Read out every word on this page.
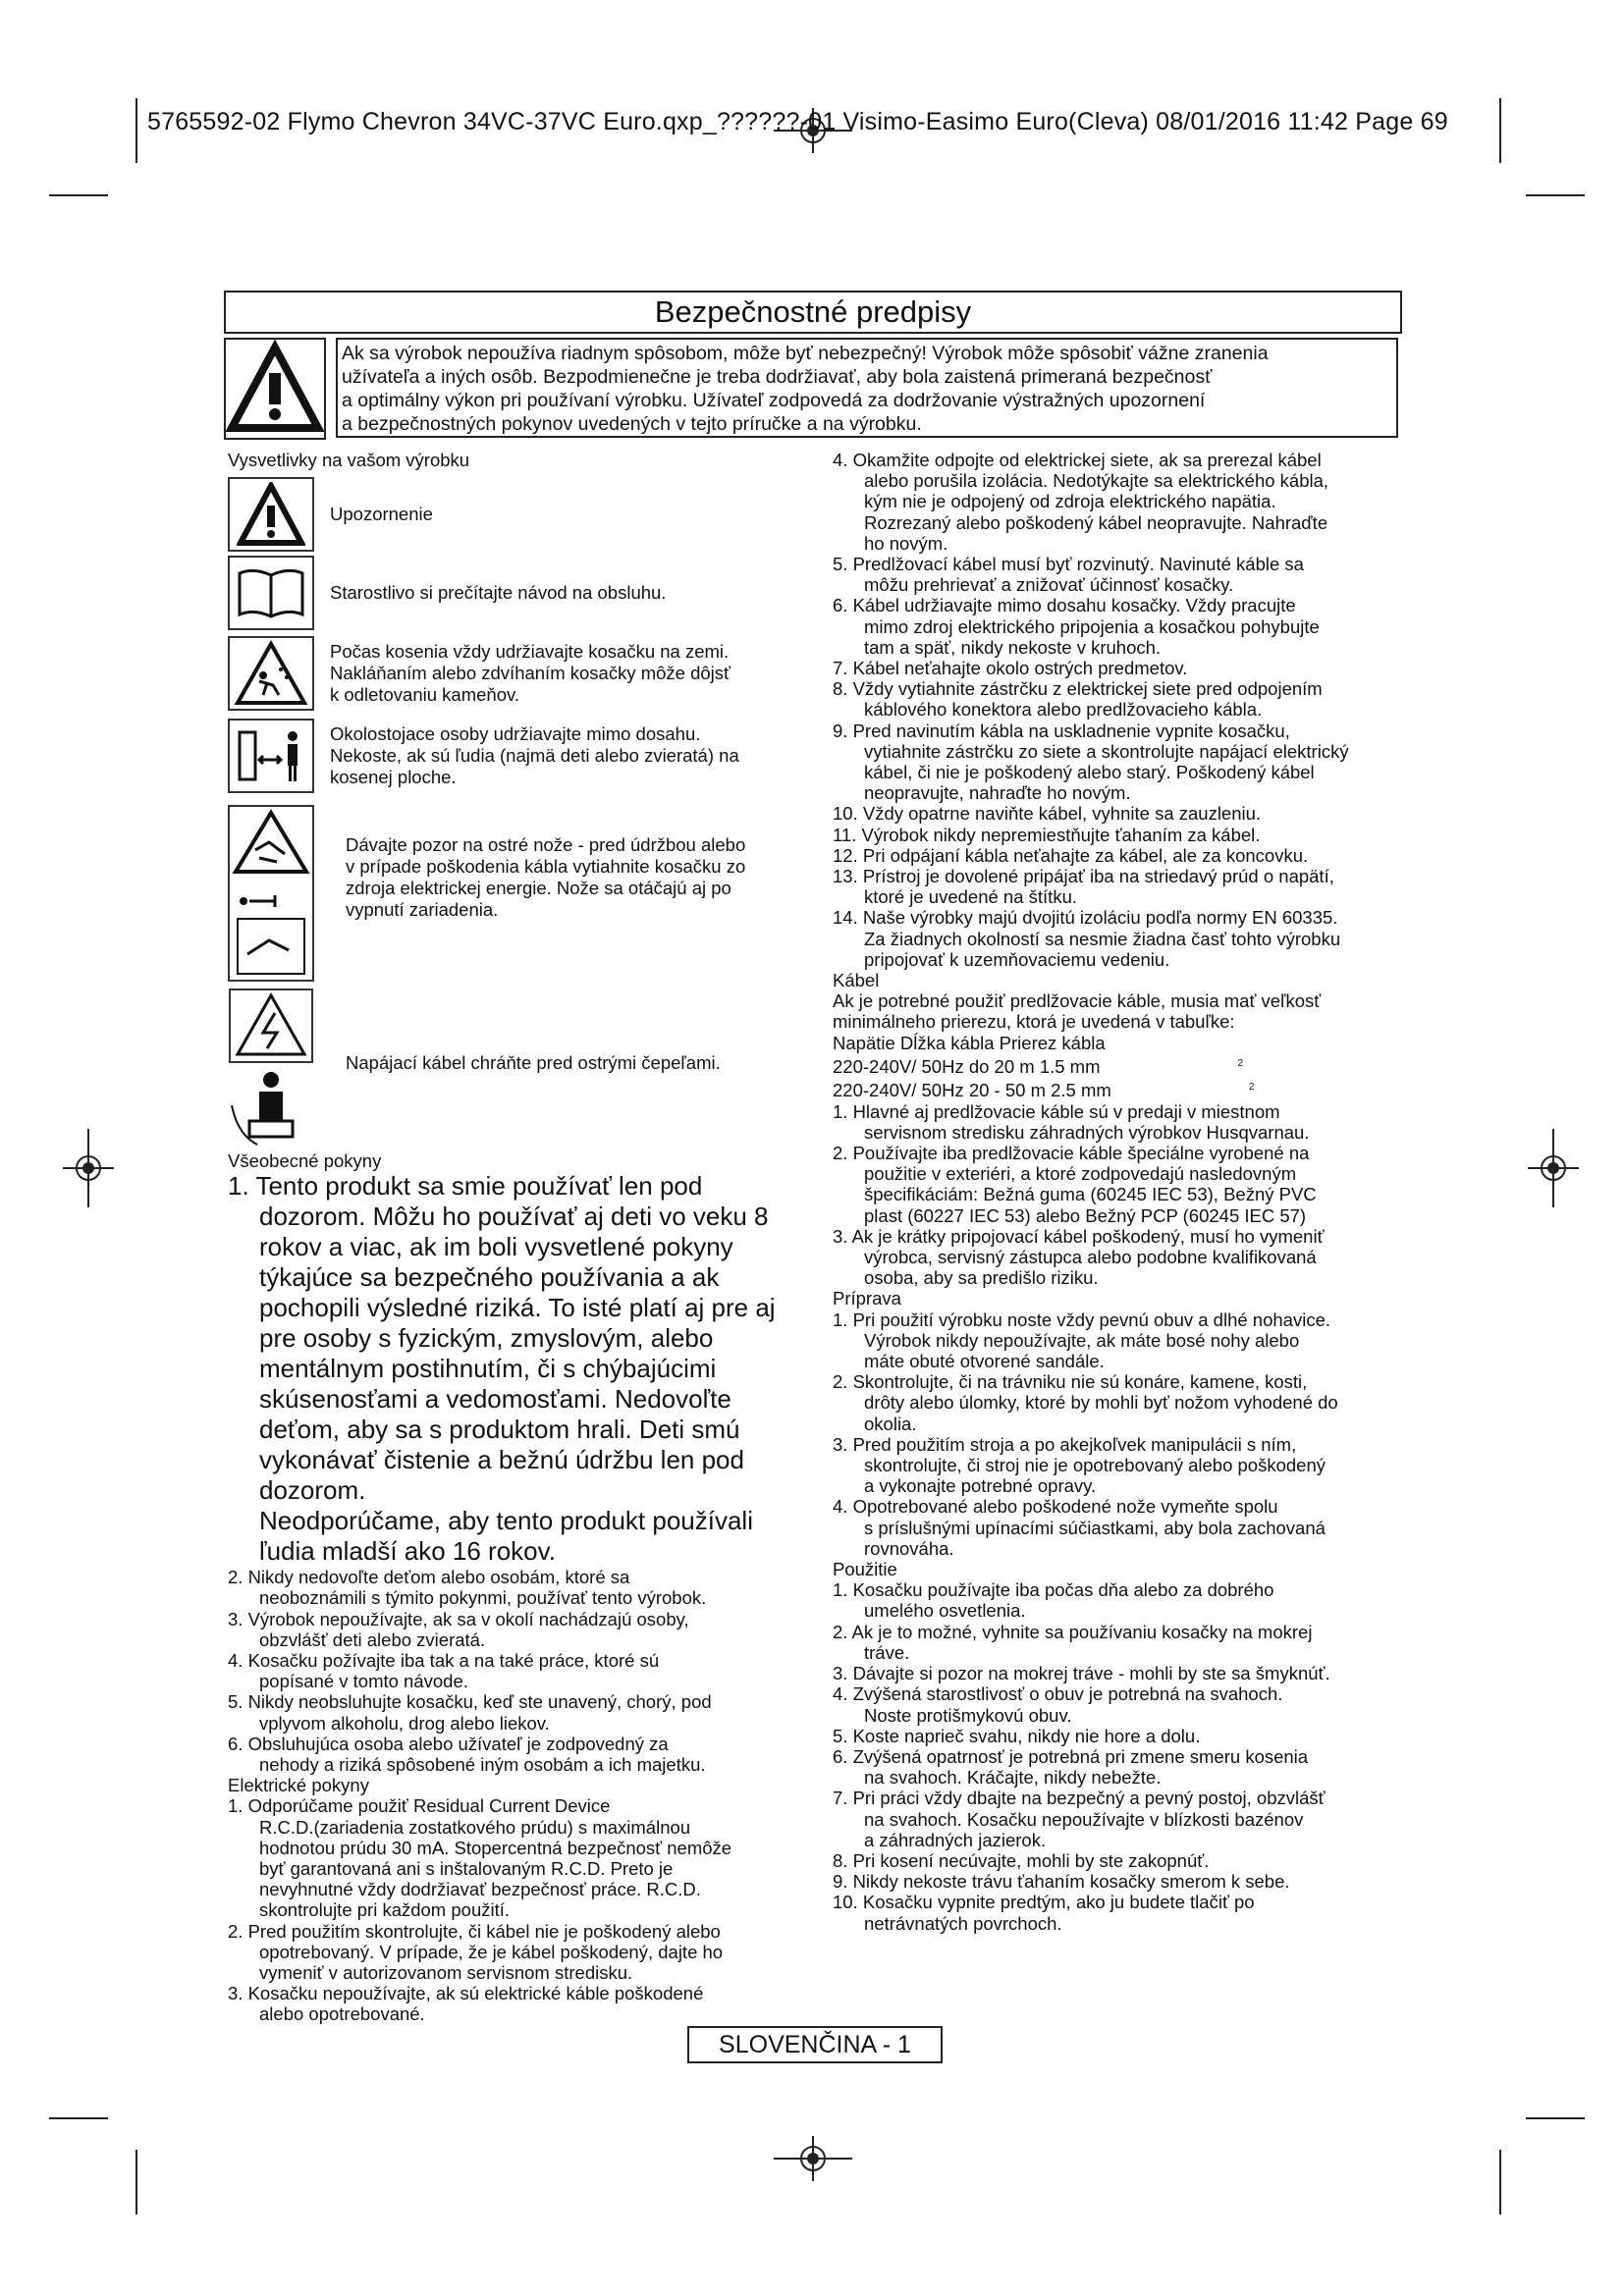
5765592-02 Flymo Chevron 34VC-37VC Euro.qxp_??????-01 Visimo-Easimo Euro(Cleva) 08/01/2016 11:42 Page 69
Bezpečnostné predpisy
Ak sa výrobok nepoužíva riadnym spôsobom, môže byť nebezpečný! Výrobok môže spôsobiť vážne zranenia
užívateľa a iných osôb. Bezpodmienečne je treba dodržiavať, aby bola zaistená primeraná bezpečnosť
a optimálny výkon pri používaní výrobku. Užívateľ zodpovedá za dodržovanie výstražných upozornení
a bezpečnostných pokynov uvedených v tejto príručke a na výrobku.
Vysvetlivky na vašom výrobku
Upozornenie
Starostlivo si prečítajte návod na obsluhu.
Počas kosenia vždy udržiavajte kosačku na zemi.
Nakláňaním alebo zdvíhaním kosačky môže dôjsť
k odletovaniu kameňov.
Okolostojace osoby udržiavajte mimo dosahu.
Nekoste, ak sú ľudia (najmä deti alebo zvieratá) na
kosenej ploche.
Dávajte pozor na ostré nože - pred údržbou alebo
v prípade poškodenia kábla vytiahnite kosačku zo
zdroja elektrickej energie. Nože sa otáčajú aj po
vypnutí zariadenia.
Napájací kábel chráňte pred ostrými čepeľami.
Všeobecné pokyny
1. Tento produkt sa smie používať len pod
dozorom. Môžu ho používať aj deti vo veku 8
rokov a viac, ak im boli vysvetlené pokyny
týkajúce sa bezpečného používania a ak
pochopili výsledné riziká. To isté platí aj pre aj
pre osoby s fyzickým, zmyslovým, alebo
mentálnym postihnutím, či s chýbajúcimi
skúsenosťami a vedomosťami. Nedovoľte
deťom, aby sa s produktom hrali. Deti smú
vykonávať čistenie a bežnú údržbu len pod
dozorom.
Neodporúčame, aby tento produkt používali
ľudia mladší ako 16 rokov.
2. Nikdy nedovoľte deťom alebo osobám, ktoré sa
neoboznámili s týmito pokynmi, používať tento výrobok.
3. Výrobok nepoužívajte, ak sa v okolí nachádzajú osoby,
obzvlášť deti alebo zvieratá.
4. Kosačku požívajte iba tak a na také práce, ktoré sú
popísané v tomto návode.
5. Nikdy neobsluhujte kosačku, keď ste unavený, chorý, pod
vplyvom alkoholu, drog alebo liekov.
6. Obsluhujúca osoba alebo užívateľ je zodpovedný za
nehody a riziká spôsobené iným osobám a ich majetku.
Elektrické pokyny
1. Odporúčame použiť Residual Current Device
R.C.D.(zariadenia zostatkového prúdu) s maximálnou
hodnotou prúdu 30 mA. Stopercentná bezpečnosť nemôže
byť garantovaná ani s inštalovaným R.C.D. Preto je
nevyhnutné vždy dodržiavať bezpečnosť práce. R.C.D.
skontrolujte pri každom použití.
2. Pred použitím skontrolujte, či kábel nie je poškodený alebo
opotrebovaný. V prípade, že je kábel poškodený, dajte ho
vymeniť v autorizovanom servisnom stredisku.
3. Kosačku nepoužívajte, ak sú elektrické káble poškodené
alebo opotrebované.
4. Okamžite odpojte od elektrickej siete, ak sa prerezal kábel
alebo porušila izolácia. Nedotýkajte sa elektrického kábla,
kým nie je odpojený od zdroja elektrického napätia.
Rozrezaný alebo poškodený kábel neopravujte. Nahraďte
ho novým.
5. Predlžovací kábel musí byť rozvinutý. Navinuté káble sa
môžu prehrievať a znižovať účinnosť kosačky.
6. Kábel udržiavajte mimo dosahu kosačky. Vždy pracujte
mimo zdroj elektrického pripojenia a kosačkou pohybujte
tam a späť, nikdy nekoste v kruhoch.
7. Kábel neťahajte okolo ostrých predmetov.
8. Vždy vytiahnite zástrčku z elektrickej siete pred odpojením
káblového konektora alebo predlžovacieho kábla.
9. Pred navinutím kábla na uskladnenie vypnite kosačku,
vytiahnite zástrčku zo siete a skontrolujte napájací elektrický
kábel, či nie je poškodený alebo starý. Poškodený kábel
neopravujte, nahraďte ho novým.
10. Vždy opatrne naviňte kábel, vyhnite sa zauzleniu.
11. Výrobok nikdy nepremiestňujte ťahaním za kábel.
12. Pri odpájaní kábla neťahajte za kábel, ale za koncovku.
13. Prístroj je dovolené pripájať iba na striedavý prúd o napätí,
ktoré je uvedené na štítku.
14. Naše výrobky majú dvojitú izoláciu podľa normy EN 60335.
Za žiadnych okolností sa nesmie žiadna časť tohto výrobku
pripojovať k uzemňovaciemu vedeniu.
Kábel
Ak je potrebné použiť predlžovacie káble, musia mať veľkosť
minimálneho prierezu, ktorá je uvedená v tabuľke:
Napätie Dĺžka kábla Prierez kábla
220-240V/ 50Hz do 20 m 1.5 mm	$^2$
220-240V/ 50Hz 20 - 50 m 2.5 mm	$^2$
1. Hlavné aj predlžovacie káble sú v predaji v miestnom
servisnom stredisku záhradných výrobkov Husqvarnau.
2. Používajte iba predlžovacie káble špeciálne vyrobené na
použitie v exteriéri, a ktoré zodpovedajú nasledovným
špecifikáciám: Bežná guma (60245 IEC 53), Bežný PVC
plast (60227 IEC 53) alebo Bežný PCP (60245 IEC 57)
3. Ak je krátky pripojovací kábel poškodený, musí ho vymeniť
výrobca, servisný zástupca alebo podobne kvalifikovaná
osoba, aby sa predišlo riziku.
Príprava
1. Pri použití výrobku noste vždy pevnú obuv a dlhé nohavice.
Výrobok nikdy nepoužívajte, ak máte bosé nohy alebo
máte obuté otvorené sandále.
2. Skontrolujte, či na trávniku nie sú konáre, kamene, kosti,
drôty alebo úlomky, ktoré by mohli byť nožom vyhodené do
okolia.
3. Pred použitím stroja a po akejkoľvek manipulácii s ním,
skontrolujte, či stroj nie je opotrebovaný alebo poškodený
a vykonajte potrebné opravy.
4. Opotrebované alebo poškodené nože vymeňte spolu
s príslušnými upínacími súčiastkami, aby bola zachovaná
rovnováha.
Použitie
1. Kosačku používajte iba počas dňa alebo za dobrého
umelého osvetlenia.
2. Ak je to možné, vyhnite sa používaniu kosačky na mokrej
tráve.
3. Dávajte si pozor na mokrej tráve - mohli by ste sa šmyknúť.
4. Zvýšená starostlivosť o obuv je potrebná na svahoch.
Noste protišmykovú obuv.
5. Koste naprieč svahu, nikdy nie hore a dolu.
6. Zvýšená opatrnosť je potrebná pri zmene smeru kosenia
na svahoch. Kráčajte, nikdy nebežte.
7. Pri práci vždy dbajte na bezpečný a pevný postoj, obzvlášť
na svahoch. Kosačku nepoužívajte v blízkosti bazénov
a záhradných jazierok.
8. Pri kosení necúvajte, mohli by ste zakopnúť.
9. Nikdy nekoste trávu ťahaním kosačky smerom k sebe.
10. Kosačku vypnite predtým, ako ju budete tlačiť po
netrávnatých povrchoch.
SLOVENČINA - 1
